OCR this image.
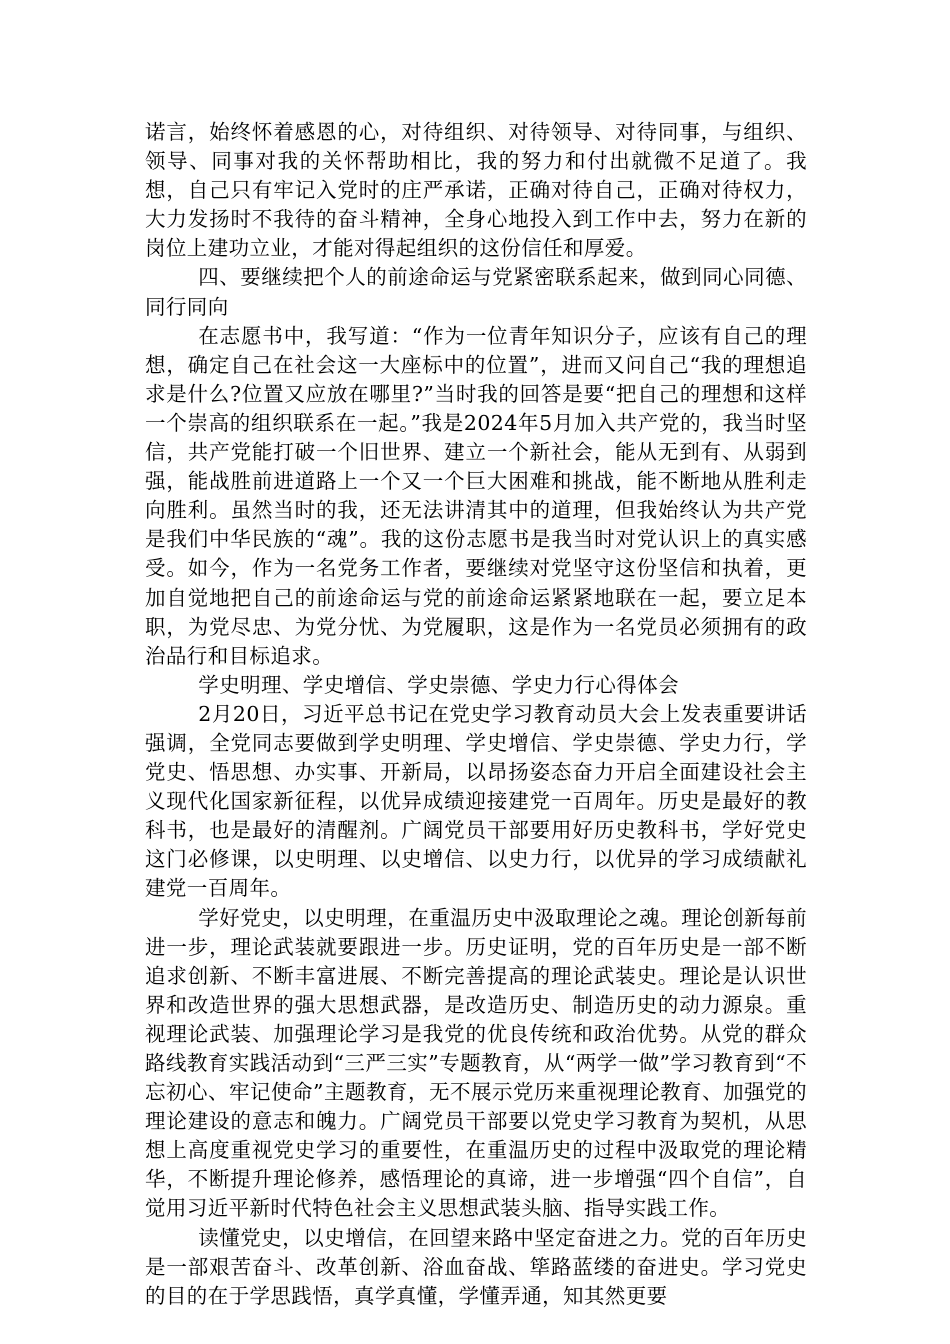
诺言，始终怀着感恩的心，对待组织、对待领导、对待同事，与组织、领导、同事对我的关怀帮助相比，我的努力和付出就微不足道了。我想，自己只有牢记入党时的庄严承诺，正确对待自己，正确对待权力，大力发扬时不我待的奋斗精神，全身心地投入到工作中去，努力在新的岗位上建功立业，才能对得起组织的这份信任和厚爱。

四、要继续把个人的前途命运与党紧密联系起来，做到同心同德、同行同向

在志愿书中，我写道：“作为一位青年知识分子，应该有自己的理想，确定自己在社会这一大座标中的位置”，进而又问自己“我的理想追求是什么?位置又应放在哪里?”当时我的回答是要“把自己的理想和这样一个崇高的组织联系在一起。”我是2024年5月加入共产党的，我当时坚信，共产党能打破一个旧世界、建立一个新社会，能从无到有、从弱到强，能战胜前进道路上一个又一个巨大困难和挑战，能不断地从胜利走向胜利。虽然当时的我，还无法讲清其中的道理，但我始终认为共产党是我们中华民族的“魂”。我的这份志愿书是我当时对党认识上的真实感受。如今，作为一名党务工作者，要继续对党坚守这份坚信和执着，更加自觉地把自己的前途命运与党的前途命运紧紧地联在一起，要立足本职，为党尽忠、为党分忧、为党履职，这是作为一名党员必须拥有的政治品行和目标追求。

学史明理、学史增信、学史崇德、学史力行心得体会

2月20日，习近平总书记在党史学习教育动员大会上发表重要讲话强调，全党同志要做到学史明理、学史增信、学史崇德、学史力行，学党史、悟思想、办实事、开新局，以昂扬姿态奋力开启全面建设社会主义现代化国家新征程，以优异成绩迎接建党一百周年。历史是最好的教科书，也是最好的清醒剂。广阔党员干部要用好历史教科书，学好党史这门必修课，以史明理、以史增信、以史力行，以优异的学习成绩献礼建党一百周年。

学好党史，以史明理，在重温历史中汲取理论之魂。理论创新每前进一步，理论武装就要跟进一步。历史证明，党的百年历史是一部不断追求创新、不断丰富进展、不断完善提高的理论武装史。理论是认识世界和改造世界的强大思想武器，是改造历史、制造历史的动力源泉。重视理论武装、加强理论学习是我党的优良传统和政治优势。从党的群众路线教育实践活动到“三严三实”专题教育，从“两学一做”学习教育到“不忘初心、牢记使命”主题教育，无不展示党历来重视理论教育、加强党的理论建设的意志和魄力。广阔党员干部要以党史学习教育为契机，从思想上高度重视党史学习的重要性，在重温历史的过程中汲取党的理论精华，不断提升理论修养，感悟理论的真谛，进一步增强“四个自信”，自觉用习近平新时代特色社会主义思想武装头脑、指导实践工作。

读懂党史，以史增信，在回望来路中坚定奋进之力。党的百年历史是一部艰苦奋斗、改革创新、浴血奋战、筚路蓝缕的奋进史。学习党史的目的在于学思践悟，真学真懂，学懂弄通，知其然更要
